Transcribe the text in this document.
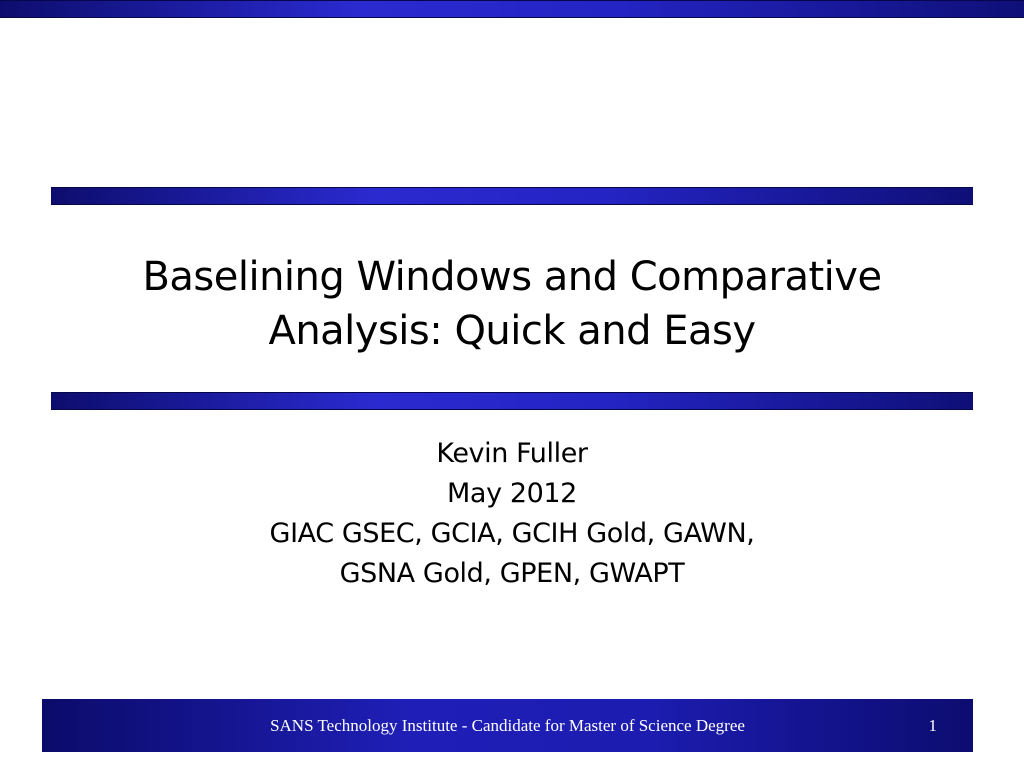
Baselining Windows and Comparative
Analysis: Quick and Easy
Kevin Fuller
May 2012
GIAC GSEC, GCIA, GCIH Gold, GAWN,
GSNA Gold, GPEN, GWAPT
SANS Technology Institute - Candidate for Master of Science Degree	1
